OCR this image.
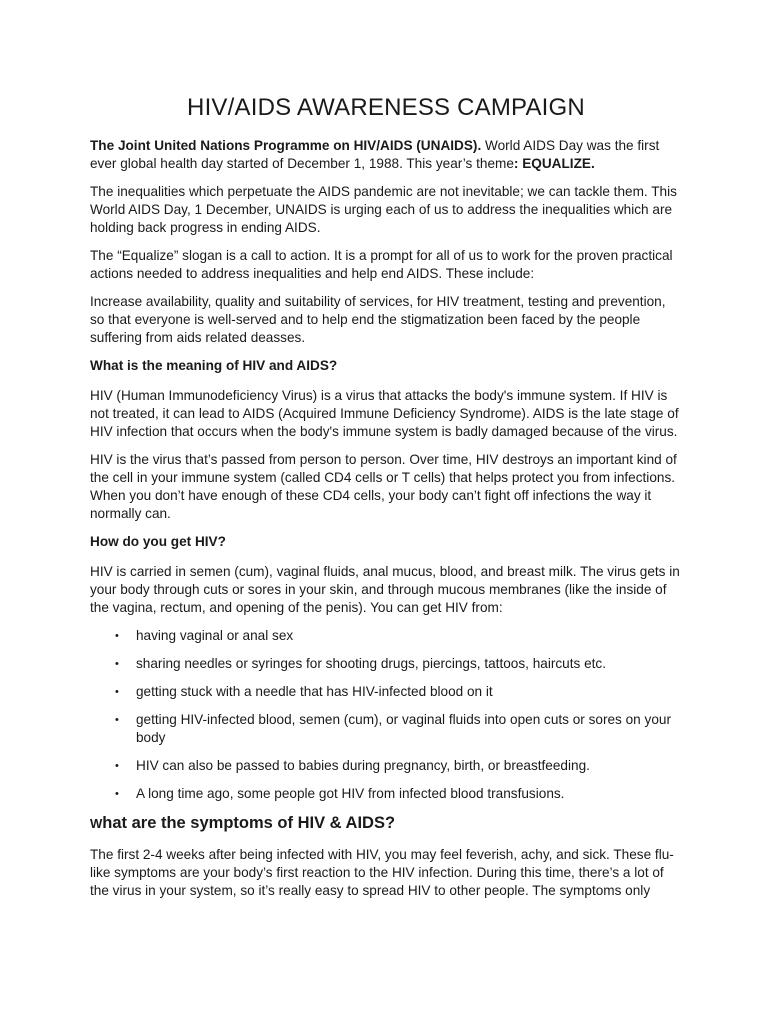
HIV/AIDS AWARENESS CAMPAIGN

The Joint United Nations Programme on HIV/AIDS (UNAIDS). World AIDS Day was the first ever global health day started of December 1, 1988. This year’s theme: EQUALIZE.

The inequalities which perpetuate the AIDS pandemic are not inevitable; we can tackle them. This World AIDS Day, 1 December, UNAIDS is urging each of us to address the inequalities which are holding back progress in ending AIDS.

The “Equalize” slogan is a call to action. It is a prompt for all of us to work for the proven practical actions needed to address inequalities and help end AIDS. These include:

Increase availability, quality and suitability of services, for HIV treatment, testing and prevention, so that everyone is well-served and to help end the stigmatization been faced by the people suffering from aids related deasses.

What is the meaning of HIV and AIDS?

HIV (Human Immunodeficiency Virus) is a virus that attacks the body's immune system. If HIV is not treated, it can lead to AIDS (Acquired Immune Deficiency Syndrome). AIDS is the late stage of HIV infection that occurs when the body's immune system is badly damaged because of the virus.

HIV is the virus that’s passed from person to person. Over time, HIV destroys an important kind of the cell in your immune system (called CD4 cells or T cells) that helps protect you from infections. When you don’t have enough of these CD4 cells, your body can’t fight off infections the way it normally can.

How do you get HIV?

HIV is carried in semen (cum), vaginal fluids, anal mucus, blood, and breast milk. The virus gets in your body through cuts or sores in your skin, and through mucous membranes (like the inside of the vagina, rectum, and opening of the penis). You can get HIV from:

• having vaginal or anal sex
• sharing needles or syringes for shooting drugs, piercings, tattoos, haircuts etc.
• getting stuck with a needle that has HIV-infected blood on it
• getting HIV-infected blood, semen (cum), or vaginal fluids into open cuts or sores on your body
• HIV can also be passed to babies during pregnancy, birth, or breastfeeding.
• A long time ago, some people got HIV from infected blood transfusions.
What are the symptoms of HIV & AIDS?

The first 2-4 weeks after being infected with HIV, you may feel feverish, achy, and sick. These flu-like symptoms are your body’s first reaction to the HIV infection. During this time, there’s a lot of the virus in your system, so it’s really easy to spread HIV to other people. The symptoms only
